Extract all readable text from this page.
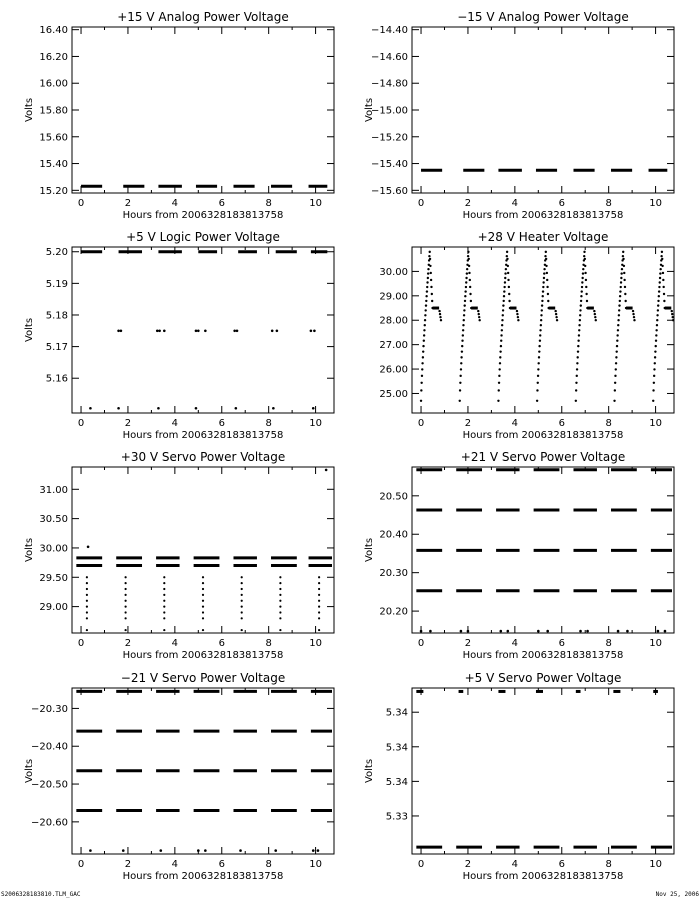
+15 V Analog Power Voltage
0	2	4	6	8	10
15.20
15.40
15.60
15.80
16.00
16.20
16.40
Hours from 2006328183813758
Volts
−15 V Analog Power Voltage
0	2	4	6	8	10
−15.60
−15.40
−15.20
−15.00
−14.80
−14.60
−14.40
Hours from 2006328183813758
Volts
+5 V Logic Power Voltage
0	2	4	6	8	10
5.16
5.17
5.18
5.19
5.20
Hours from 2006328183813758
Volts
+28 V Heater Voltage
0	2	4	6	8	10
25.00
26.00
27.00
28.00
29.00
30.00
Hours from 2006328183813758
+30 V Servo Power Voltage
0	2	4	6	8	10
29.00
29.50
30.00
30.50
31.00
Hours from 2006328183813758
Volts
+21 V Servo Power Voltage
0	2	4	6	8	10
20.20
20.30
20.40
20.50
Hours from 2006328183813758
Volts
−21 V Servo Power Voltage
0	2	4	6	8	10
−20.60
−20.50
−20.40
−20.30
Hours from 2006328183813758
Volts
+5 V Servo Power Voltage
0	2	4	6	8	10
5.33
5.34
5.34
5.34
Hours from 2006328183813758
Volts
S2006328183810.TLM_GAC	Nov 25, 2006
